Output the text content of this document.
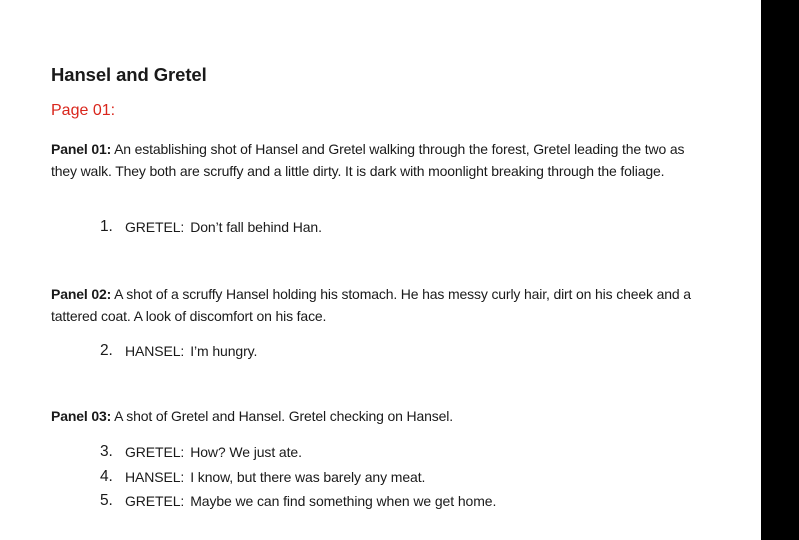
Hansel and Gretel
Page 01:
Panel 01: An establishing shot of Hansel and Gretel walking through the forest, Gretel leading the two as they walk. They both are scruffy and a little dirty. It is dark with moonlight breaking through the foliage.
1. GRETEL: Don’t fall behind Han.
Panel 02: A shot of a scruffy Hansel holding his stomach. He has messy curly hair, dirt on his cheek and a tattered coat. A look of discomfort on his face.
2. HANSEL: I’m hungry.
Panel 03: A shot of Gretel and Hansel. Gretel checking on Hansel.
3. GRETEL: How? We just ate.
4. HANSEL: I know, but there was barely any meat.
5. GRETEL: Maybe we can find something when we get home.
